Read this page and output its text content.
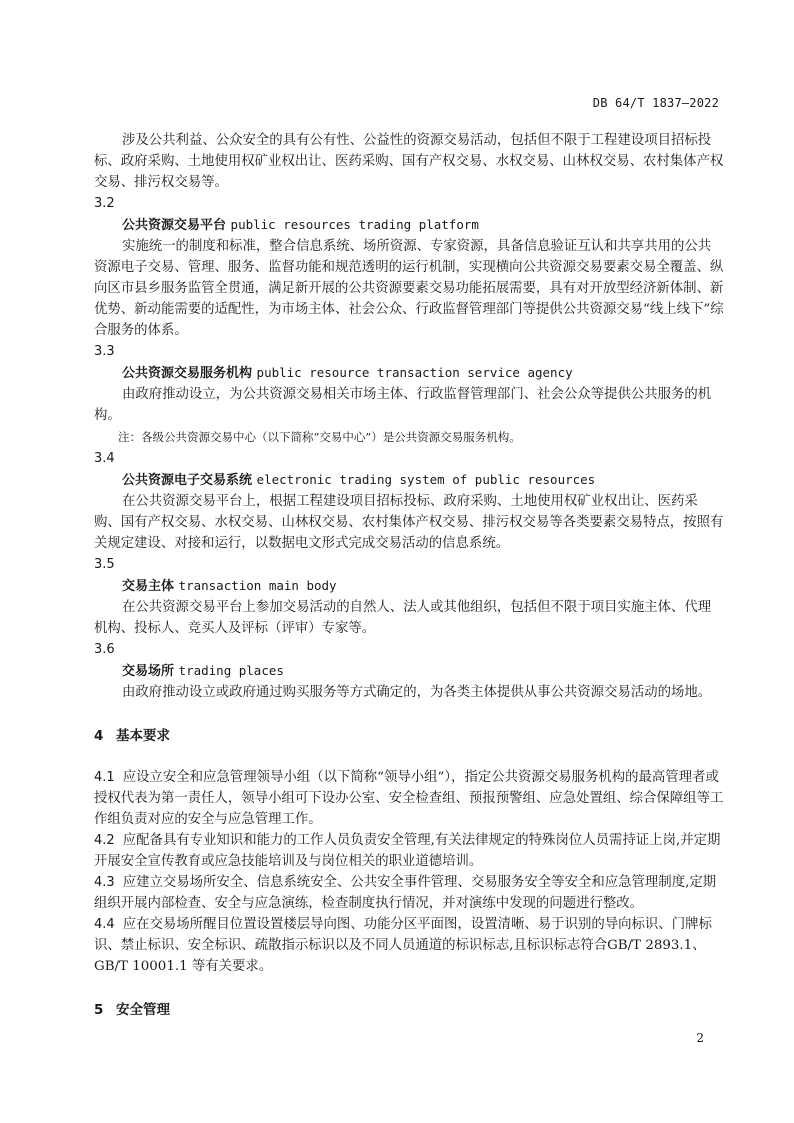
DB 64/T 1837—2022

涉及公共利益、公众安全的具有公有性、公益性的资源交易活动，包括但不限于工程建设项目招标投标、政府采购、土地使用权矿业权出让、医药采购、国有产权交易、水权交易、山林权交易、农村集体产权交易、排污权交易等。

3.2

公共资源交易平台 public resources trading platform

实施统一的制度和标准，整合信息系统、场所资源、专家资源，具备信息验证互认和共享共用的公共资源电子交易、管理、服务、监督功能和规范透明的运行机制，实现横向公共资源交易要素交易全覆盖、纵向区市县乡服务监管全贯通，满足新开展的公共资源要素交易功能拓展需要，具有对开放型经济新体制、新优势、新动能需要的适配性，为市场主体、社会公众、行政监督管理部门等提供公共资源交易“线上线下”综合服务的体系。

3.3

公共资源交易服务机构 public resource transaction service agency

由政府推动设立，为公共资源交易相关市场主体、行政监督管理部门、社会公众等提供公共服务的机构。

注：各级公共资源交易中心（以下简称“交易中心”）是公共资源交易服务机构。

3.4

公共资源电子交易系统 electronic trading system of public resources

在公共资源交易平台上，根据工程建设项目招标投标、政府采购、土地使用权矿业权出让、医药采购、国有产权交易、水权交易、山林权交易、农村集体产权交易、排污权交易等各类要素交易特点，按照有关规定建设、对接和运行，以数据电文形式完成交易活动的信息系统。

3.5

交易主体 transaction main body

在公共资源交易平台上参加交易活动的自然人、法人或其他组织，包括但不限于项目实施主体、代理机构、投标人、竞买人及评标（评审）专家等。

3.6

交易场所 trading places

由政府推动设立或政府通过购买服务等方式确定的，为各类主体提供从事公共资源交易活动的场地。

4 基本要求

4.1 应设立安全和应急管理领导小组（以下简称“领导小组”），指定公共资源交易服务机构的最高管理者或授权代表为第一责任人，领导小组可下设办公室、安全检查组、预报预警组、应急处置组、综合保障组等工作组负责对应的安全与应急管理工作。

4.2 应配备具有专业知识和能力的工作人员负责安全管理,有关法律规定的特殊岗位人员需持证上岗,并定期开展安全宣传教育或应急技能培训及与岗位相关的职业道德培训。

4.3 应建立交易场所安全、信息系统安全、公共安全事件管理、交易服务安全等安全和应急管理制度,定期组织开展内部检查、安全与应急演练，检查制度执行情况，并对演练中发现的问题进行整改。

4.4 应在交易场所醒目位置设置楼层导向图、功能分区平面图，设置清晰、易于识别的导向标识、门牌标识、禁止标识、安全标识、疏散指示标识以及不同人员通道的标识标志,且标识标志符合GB/T 2893.1、GB/T 10001.1 等有关要求。

5 安全管理

2
